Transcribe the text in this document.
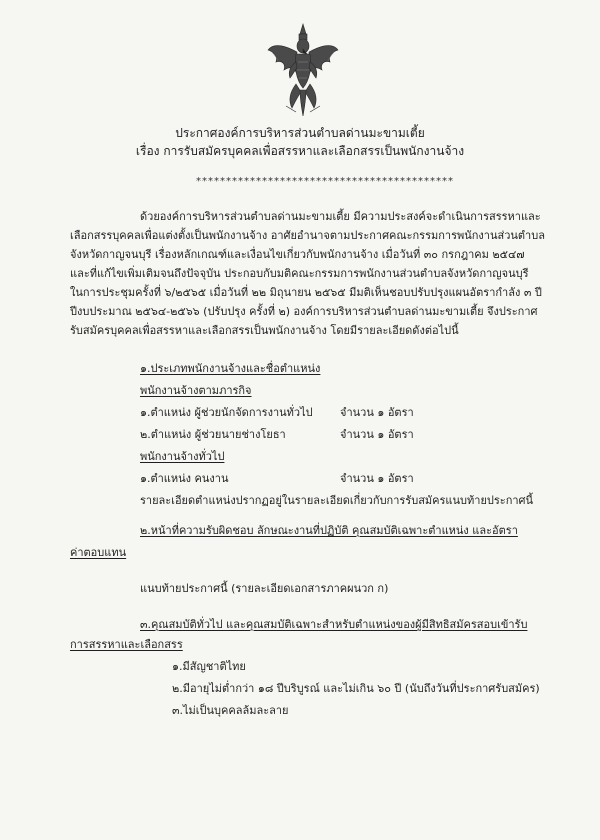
ประกาศองค์การบริหารส่วนตำบลด่านมะขามเตี้ย
เรื่อง การรับสมัครบุคคลเพื่อสรรหาและเลือกสรรเป็นพนักงานจ้าง
*******************************************
ด้วยองค์การบริหารส่วนตำบลด่านมะขามเตี้ย มีความประสงค์จะดำเนินการสรรหาและ
เลือกสรรบุคคลเพื่อแต่งตั้งเป็นพนักงานจ้าง อาศัยอำนาจตามประกาศคณะกรรมการพนักงานส่วนตำบล
จังหวัดกาญจนบุรี เรื่องหลักเกณฑ์และเงื่อนไขเกี่ยวกับพนักงานจ้าง เมื่อวันที่ ๓๐ กรกฎาคม ๒๕๔๗
และที่แก้ไขเพิ่มเติมจนถึงปัจจุบัน ประกอบกับมติคณะกรรมการพนักงานส่วนตำบลจังหวัดกาญจนบุรี
ในการประชุมครั้งที่ ๖/๒๕๖๕ เมื่อวันที่ ๒๒ มิถุนายน ๒๕๖๕ มีมติเห็นชอบปรับปรุงแผนอัตรากำลัง ๓ ปี
ปีงบประมาณ ๒๕๖๔-๒๕๖๖ (ปรับปรุง ครั้งที่ ๒) องค์การบริหารส่วนตำบลด่านมะขามเตี้ย จึงประกาศ
รับสมัครบุคคลเพื่อสรรหาและเลือกสรรเป็นพนักงานจ้าง โดยมีรายละเอียดดังต่อไปนี้
๑.ประเภทพนักงานจ้างและชื่อตำแหน่ง
พนักงานจ้างตามภารกิจ
๑.ตำแหน่ง ผู้ช่วยนักจัดการงานทั่วไป จำนวน ๑ อัตรา
๒.ตำแหน่ง ผู้ช่วยนายช่างโยธา	จำนวน ๑ อัตรา
พนักงานจ้างทั่วไป
๑.ตำแหน่ง คนงาน	จำนวน ๑ อัตรา
รายละเอียดตำแหน่งปรากฏอยู่ในรายละเอียดเกี่ยวกับการรับสมัครแนบท้ายประกาศนี้
๒.หน้าที่ความรับผิดชอบ ลักษณะงานที่ปฏิบัติ คุณสมบัติเฉพาะตำแหน่ง และอัตรา
ค่าตอบแทน
แนบท้ายประกาศนี้ (รายละเอียดเอกสารภาคผนวก ก)
๓.คุณสมบัติทั่วไป และคุณสมบัติเฉพาะสำหรับตำแหน่งของผู้มีสิทธิสมัครสอบเข้ารับ
การสรรหาและเลือกสรร
๑.มีสัญชาติไทย
๒.มีอายุไม่ต่ำกว่า ๑๘ ปีบริบูรณ์ และไม่เกิน ๖๐ ปี (นับถึงวันที่ประกาศรับสมัคร)
๓.ไม่เป็นบุคคลล้มละลาย
